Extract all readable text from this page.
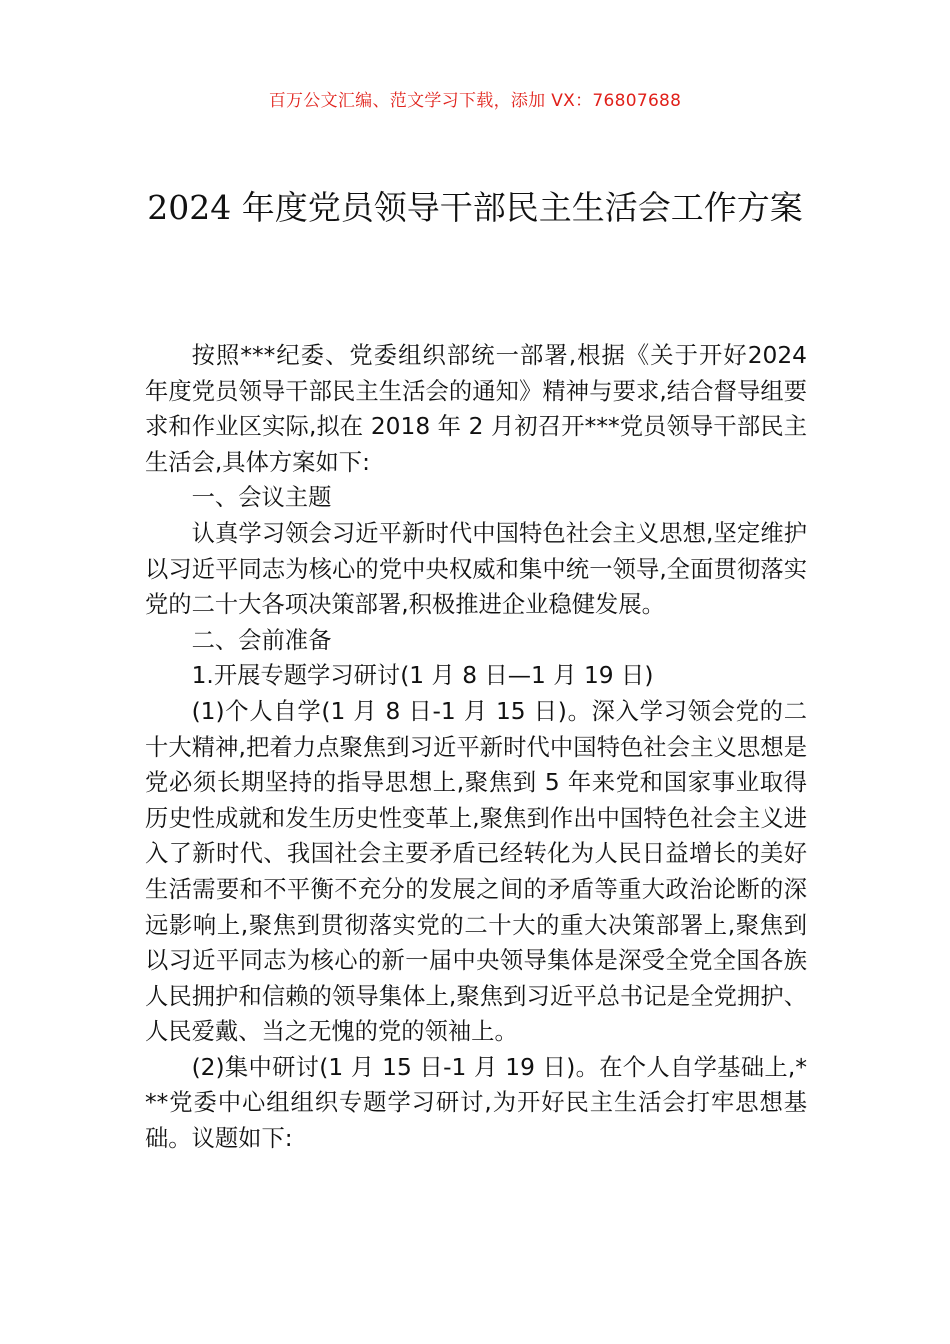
百万公文汇编、范文学习下载，添加 VX：76807688
2024 年度党员领导干部民主生活会工作方案

按照***纪委、党委组织部统一部署,根据《关于开好2024 年度党员领导干部民主生活会的通知》精神与要求,结合督导组要求和作业区实际,拟在 2018 年 2 月初召开***党员领导干部民主生活会,具体方案如下:

一、会议主题

认真学习领会习近平新时代中国特色社会主义思想,坚定维护以习近平同志为核心的党中央权威和集中统一领导,全面贯彻落实党的二十大各项决策部署,积极推进企业稳健发展。

二、会前准备

1.开展专题学习研讨(1 月 8 日—1 月 19 日)

(1)个人自学(1 月 8 日-1 月 15 日)。深入学习领会党的二十大精神,把着力点聚焦到习近平新时代中国特色社会主义思想是党必须长期坚持的指导思想上,聚焦到 5 年来党和国家事业取得历史性成就和发生历史性变革上,聚焦到作出中国特色社会主义进入了新时代、我国社会主要矛盾已经转化为人民日益增长的美好生活需要和不平衡不充分的发展之间的矛盾等重大政治论断的深远影响上,聚焦到贯彻落实党的二十大的重大决策部署上,聚焦到以习近平同志为核心的新一届中央领导集体是深受全党全国各族人民拥护和信赖的领导集体上,聚焦到习近平总书记是全党拥护、人民爱戴、当之无愧的党的领袖上。

(2)集中研讨(1 月 15 日-1 月 19 日)。在个人自学基础上,***党委中心组组织专题学习研讨,为开好民主生活会打牢思想基础。议题如下:
